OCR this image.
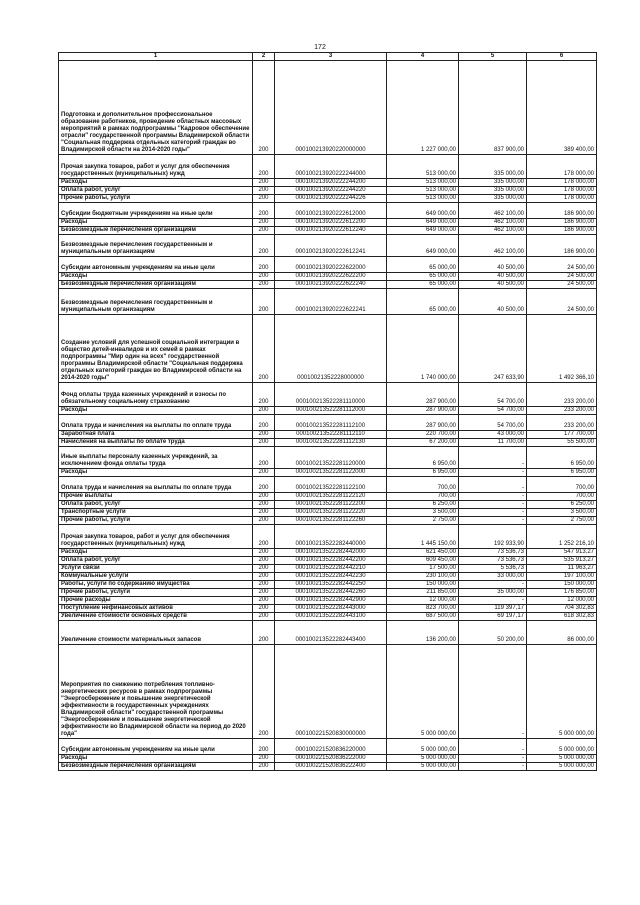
172
1	2	3	4	5	6
Подготовка и дополнительное профессиональное образование работников, проведение областных массовых мероприятий в рамках подпрограммы "Кадровое обеспечение отрасли" государственной программы Владимирской области "Социальная поддержка отдельных категорий граждан во Владимирской области на 2014-2020 годы"	200	000100213920220000000	1 227 000,00	837 900,00	389 400,00
Прочая закупка товаров, работ и услуг для обеспечения государственных (муниципальных) нужд	200	000100213920222244000	513 000,00	335 000,00	178 000,00
Расходы	200	000100213920222244200	513 000,00	335 000,00	178 000,00
Оплата работ, услуг	200	000100213920222244220	513 000,00	335 000,00	178 000,00
Прочие работы, услуги	200	000100213920222244226	513 000,00	335 000,00	178 000,00
Субсидии бюджетным учреждениям на иные цели	200	000100213920222612000	649 000,00	462 100,00	186 900,00
Расходы	200	000100213920222612200	649 000,00	462 100,00	186 900,00
Безвозмездные перечисления организациям	200	000100213920222612240	649 000,00	462 100,00	186 900,00
Безвозмездные перечисления государственным и муниципальным организациям	200	000100213920222612241	649 000,00	462 100,00	186 900,00
Субсидии автономным учреждениям на иные цели	200	000100213920222622000	65 000,00	40 500,00	24 500,00
Расходы	200	000100213920222622200	65 000,00	40 500,00	24 500,00
Безвозмездные перечисления организациям	200	000100213920222622240	65 000,00	40 500,00	24 500,00
Безвозмездные перечисления государственным и муниципальным организациям	200	000100213920222622241	65 000,00	40 500,00	24 500,00
Создание условий для успешной социальной интеграции в общество детей-инвалидов и их семей в рамках подпрограммы "Мир один на всех" государственной программы Владимирской области "Социальная поддержка отдельных категорий граждан во Владимирской области на 2014-2020 годы"	200	00010021352228000000	1 740 000,00	247 633,90	1 492 366,10
Фонд оплаты труда казенных учреждений и взносы по обязательному социальному страхованию	200	000100213522281110000	287 900,00	54 700,00	233 200,00
Расходы	200	000100213522281112000	287 900,00	54 700,00	233 200,00
Оплата труда и начисления на выплаты по оплате труда	200	000100213522281112100	287 900,00	54 700,00	233 200,00
Заработная плата	200	000100213522281112110	220 700,00	43 000,00	177 700,00
Начисления на выплаты по оплате труда	200	000100213522281112130	67 200,00	11 700,00	55 500,00
Иные выплаты персоналу казенных учреждений, за исключением фонда оплаты труда	200	000100213522281120000	6 950,00	-	6 950,00
Расходы	200	000100213522281122000	6 950,00	-	6 950,00
Оплата труда и начисления на выплаты по оплате труда	200	000100213522281122100	700,00	-	700,00
Прочие выплаты	200	000100213522281122120	700,00	-	700,00
Оплата работ, услуг	200	000100213522281122200	6 250,00	-	6 250,00
Транспортные услуги	200	000100213522281122220	3 500,00	-	3 500,00
Прочие работы, услуги	200	000100213522281122260	2 750,00	-	2 750,00
Прочая закупка товаров, работ и услуг для обеспечения государственных (муниципальных) нужд	200	000100213522282440000	1 445 150,00	192 933,90	1 252 216,10
Расходы	200	000100213522282442000	621 450,00	73 536,73	547 913,27
Оплата работ, услуг	200	000100213522282442200	609 450,00	73 536,73	535 913,27
Услуги связи	200	000100213522282442210	17 500,00	5 536,73	11 963,27
Коммунальные услуги	200	000100213522282442230	230 100,00	33 000,00	197 100,00
Работы, услуги по содержанию имущества	200	000100213522282442250	150 000,00	-	150 000,00
Прочие работы, услуги	200	000100213522282442260	211 850,00	35 000,00	176 850,00
Прочие расходы	200	000100213522282442900	12 000,00	-	12 000,00
Поступление нефинансовых активов	200	000100213522282443000	823 700,00	119 397,17	704 302,83
Увеличение стоимости основных средств	200	000100213522282443100	687 500,00	69 197,17	618 302,83
Увеличение стоимости материальных запасов	200	000100213522282443400	136 200,00	50 200,00	86 000,00
Мероприятия по снижению потребления топливно-энергетических ресурсов в рамках подпрограммы "Энергосбережение и повышение энергетической эффективности в государственных учреждениях Владимирской области" государственной программы "Энергосбережение и повышение энергетической эффективности во Владимирской области на период до 2020 года"	200	000100221520830000000	5 000 000,00	-	5 000 000,00
Субсидии автономным учреждениям на иные цели	200	000100221520836220000	5 000 000,00	-	5 000 000,00
Расходы	200	000100221520836222000	5 000 000,00	-	5 000 000,00
Безвозмездные перечисления организациям	200	000100221520836222400	5 000 000,00	-	5 000 000,00
